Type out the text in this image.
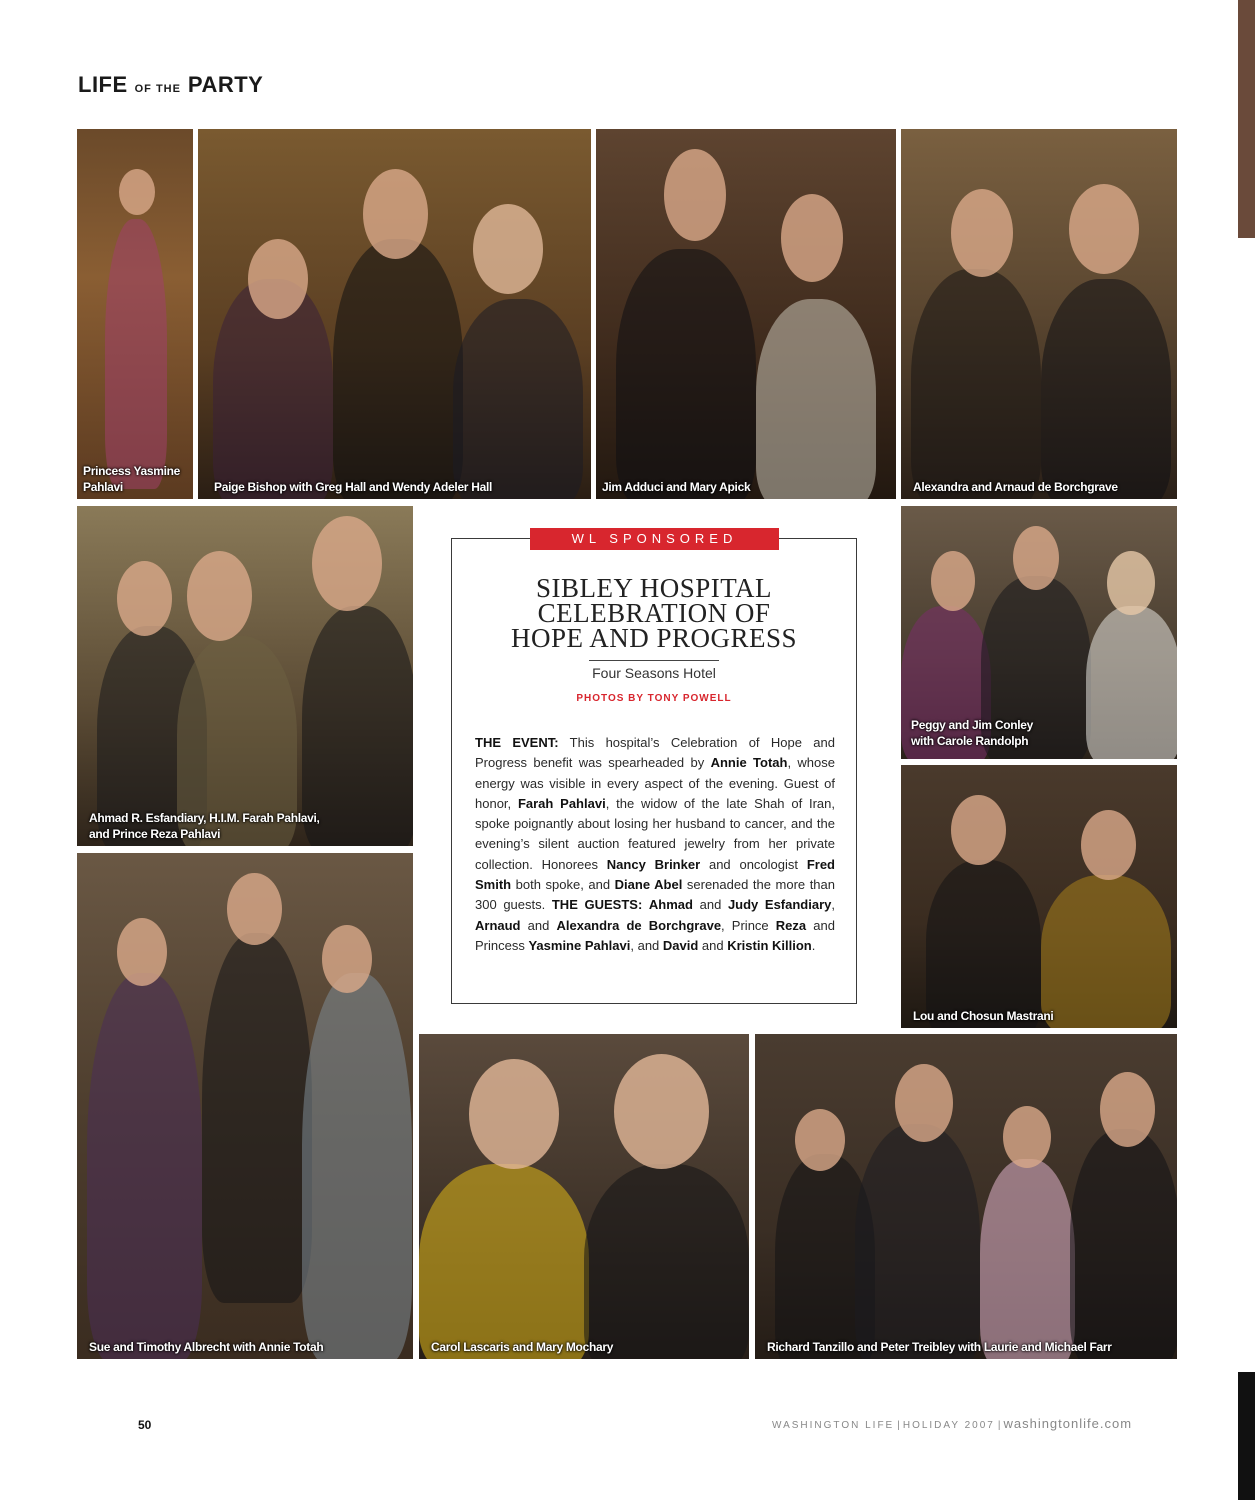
LIFE OF THE PARTY
Princess Yasmine
Pahlavi	Paige Bishop with Greg Hall and Wendy Adeler Hall	Jim Adduci and Mary Apick	Alexandra and Arnaud de Borchgrave
Ahmad R. Esfandiary, H.I.M. Farah Pahlavi,
and Prince Reza Pahlavi
Peggy and Jim Conley
with Carole Randolph
Lou and Chosun Mastrani
Sue and Timothy Albrecht with Annie Totah	Carol Lascaris and Mary Mochary	Richard Tanzillo and Peter Treibley with Laurie and Michael Farr
WL SPONSORED
SIBLEY HOSPITAL
CELEBRATION OF
HOPE AND PROGRESS
Four Seasons Hotel
PHOTOS BY TONY POWELL
THE EVENT: This hospital’s Celebration of Hope and Progress benefit was spearheaded by Annie Totah, whose energy was visible in every aspect of the evening. Guest of honor, Farah Pahlavi, the widow of the late Shah of Iran, spoke poignantly about losing her husband to cancer, and the evening’s silent auction featured jewelry from her private collection. Honorees Nancy Brinker and oncologist Fred Smith both spoke, and Diane Abel serenaded the more than 300 guests. THE GUESTS: Ahmad and Judy Esfandiary, Arnaud and Alexandra de Borchgrave, Prince Reza and Princess Yasmine Pahlavi, and David and Kristin Killion.
50	WASHINGTON LIFE | HOLIDAY 2007 | washingtonlife.com
